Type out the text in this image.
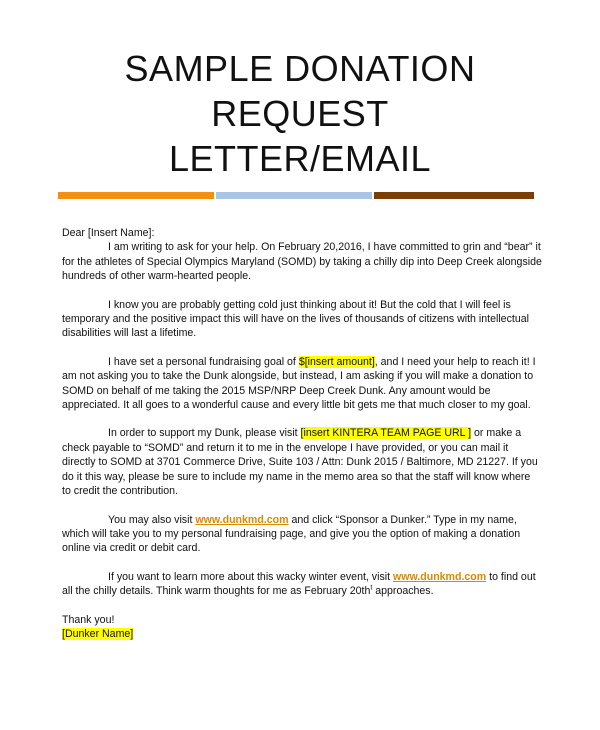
SAMPLE DONATION
REQUEST
LETTER/EMAIL

Dear [Insert Name]:

I am writing to ask for your help. On February 20,2016, I have committed to grin and “bear” it for the athletes of Special Olympics Maryland (SOMD) by taking a chilly dip into Deep Creek alongside hundreds of other warm-hearted people.

I know you are probably getting cold just thinking about it! But the cold that I will feel is temporary and the positive impact this will have on the lives of thousands of citizens with intellectual disabilities will last a lifetime.

I have set a personal fundraising goal of $[insert amount], and I need your help to reach it! I am not asking you to take the Dunk alongside, but instead, I am asking if you will make a donation to SOMD on behalf of me taking the 2015 MSP/NRP Deep Creek Dunk. Any amount would be appreciated. It all goes to a wonderful cause and every little bit gets me that much closer to my goal.

In order to support my Dunk, please visit [insert KINTERA TEAM PAGE URL ] or make a check payable to “SOMD” and return it to me in the envelope I have provided, or you can mail it directly to SOMD at 3701 Commerce Drive, Suite 103 / Attn: Dunk 2015 / Baltimore, MD 21227. If you do it this way, please be sure to include my name in the memo area so that the staff will know where to credit the contribution.

You may also visit www.dunkmd.com and click “Sponsor a Dunker.” Type in my name, which will take you to my personal fundraising page, and give you the option of making a donation online via credit or debit card.

If you want to learn more about this wacky winter event, visit www.dunkmd.com to find out all the chilly details. Think warm thoughts for me as February $20th^t$ approaches.

Thank you!

[Dunker Name]
